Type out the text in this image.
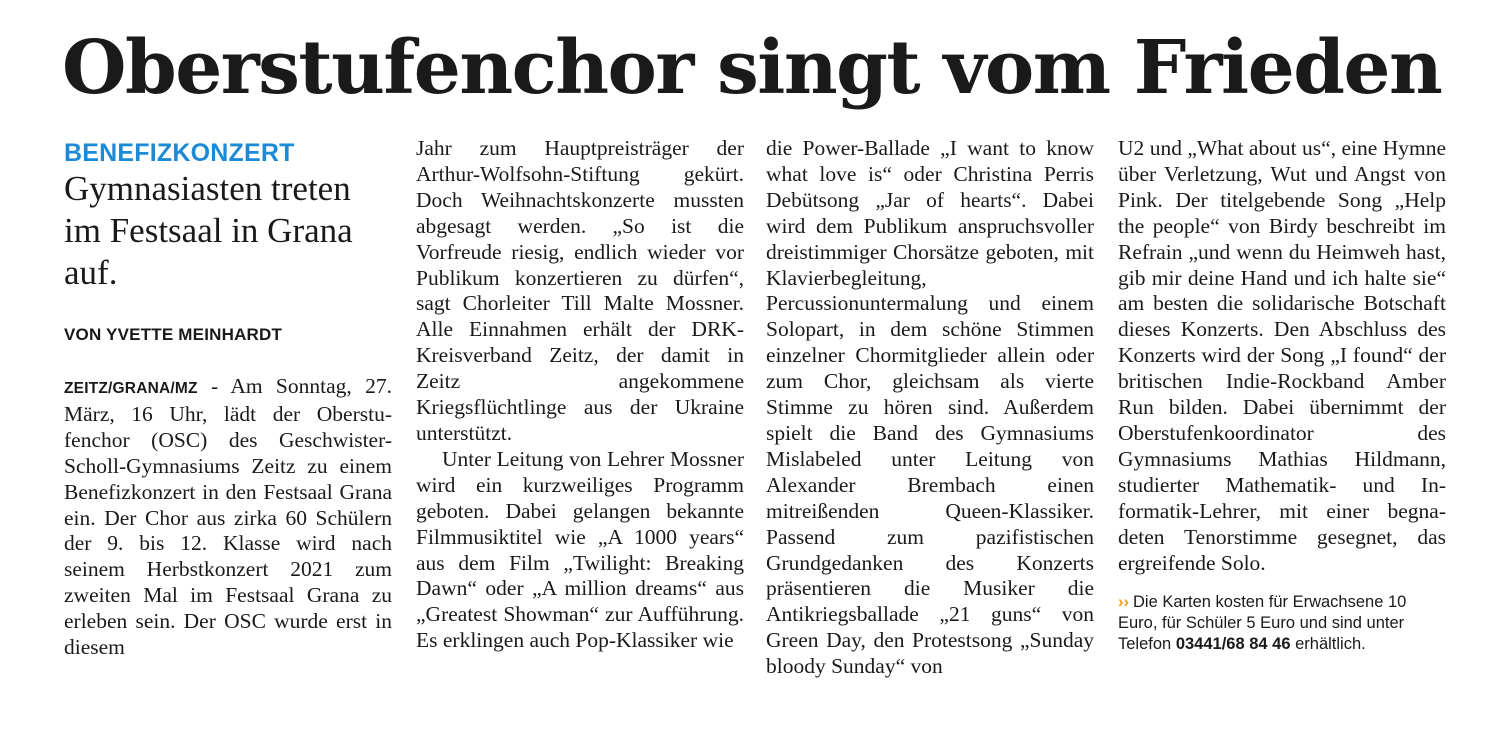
Oberstufenchor singt vom Frieden
BENEFIZKONZERT
Gymnasiasten treten im Festsaal in Grana auf.
VON YVETTE MEINHARDT

ZEITZ/GRANA/MZ - Am Sonntag, 27. März, 16 Uhr, lädt der Oberstufenchor (OSC) des Geschwister-Scholl-Gymnasiums Zeitz zu einem Benefizkonzert in den Festsaal Grana ein. Der Chor aus zirka 60 Schülern der 9. bis 12. Klasse wird nach seinem Herbstkonzert 2021 zum zweiten Mal im Festsaal Grana zu erleben sein. Der OSC wurde erst in diesem

Jahr zum Hauptpreisträger der Arthur-Wolfsohn-Stiftung gekürt. Doch Weihnachtskonzerte mussten abgesagt werden. „So ist die Vorfreude riesig, endlich wieder vor Publikum konzertieren zu dürfen“, sagt Chorleiter Till Malte Mossner. Alle Einnahmen erhält der DRK-Kreisverband Zeitz, der damit in Zeitz angekommene Kriegsflüchtlinge aus der Ukraine unterstützt.

Unter Leitung von Lehrer Mossner wird ein kurzweiliges Programm geboten. Dabei gelangen bekannte Filmmusiktitel wie „A 1000 years“ aus dem Film „Twilight: Breaking Dawn“ oder „A million dreams“ aus „Greatest Showman“ zur Aufführung. Es erklingen auch Pop-Klassiker wie

die Power-Ballade „I want to know what love is“ oder Christina Perris Debütsong „Jar of hearts“. Dabei wird dem Publikum anspruchsvoller dreistimmiger Chorsätze geboten, mit Klavierbegleitung, Percussionuntermalung und einem Solopart, in dem schöne Stimmen einzelner Chormitglieder allein oder zum Chor, gleichsam als vierte Stimme zu hören sind. Außerdem spielt die Band des Gymnasiums Mislabeled unter Leitung von Alexander Brembach einen mitreißenden Queen-Klassiker. Passend zum pazifistischen Grundgedanken des Konzerts präsentieren die Musiker die Antikriegsballade „21 guns“ von Green Day, den Protestsong „Sunday bloody Sunday“ von

U2 und „What about us“, eine Hymne über Verletzung, Wut und Angst von Pink. Der titelgebende Song „Help the people“ von Birdy beschreibt im Refrain „und wenn du Heimweh hast, gib mir deine Hand und ich halte sie“ am besten die solidarische Botschaft dieses Konzerts. Den Abschluss des Konzerts wird der Song „I found“ der britischen Indie-Rockband Amber Run bilden. Dabei übernimmt der Oberstufenkoordinator des Gymnasiums Mathias Hildmann, studierter Mathematik- und Informatik-Lehrer, mit einer begnadeten Tenorstimme gesegnet, das ergreifende Solo.

›› Die Karten kosten für Erwachsene 10 Euro, für Schüler 5 Euro und sind unter Telefon 03441/68 84 46 erhältlich.
